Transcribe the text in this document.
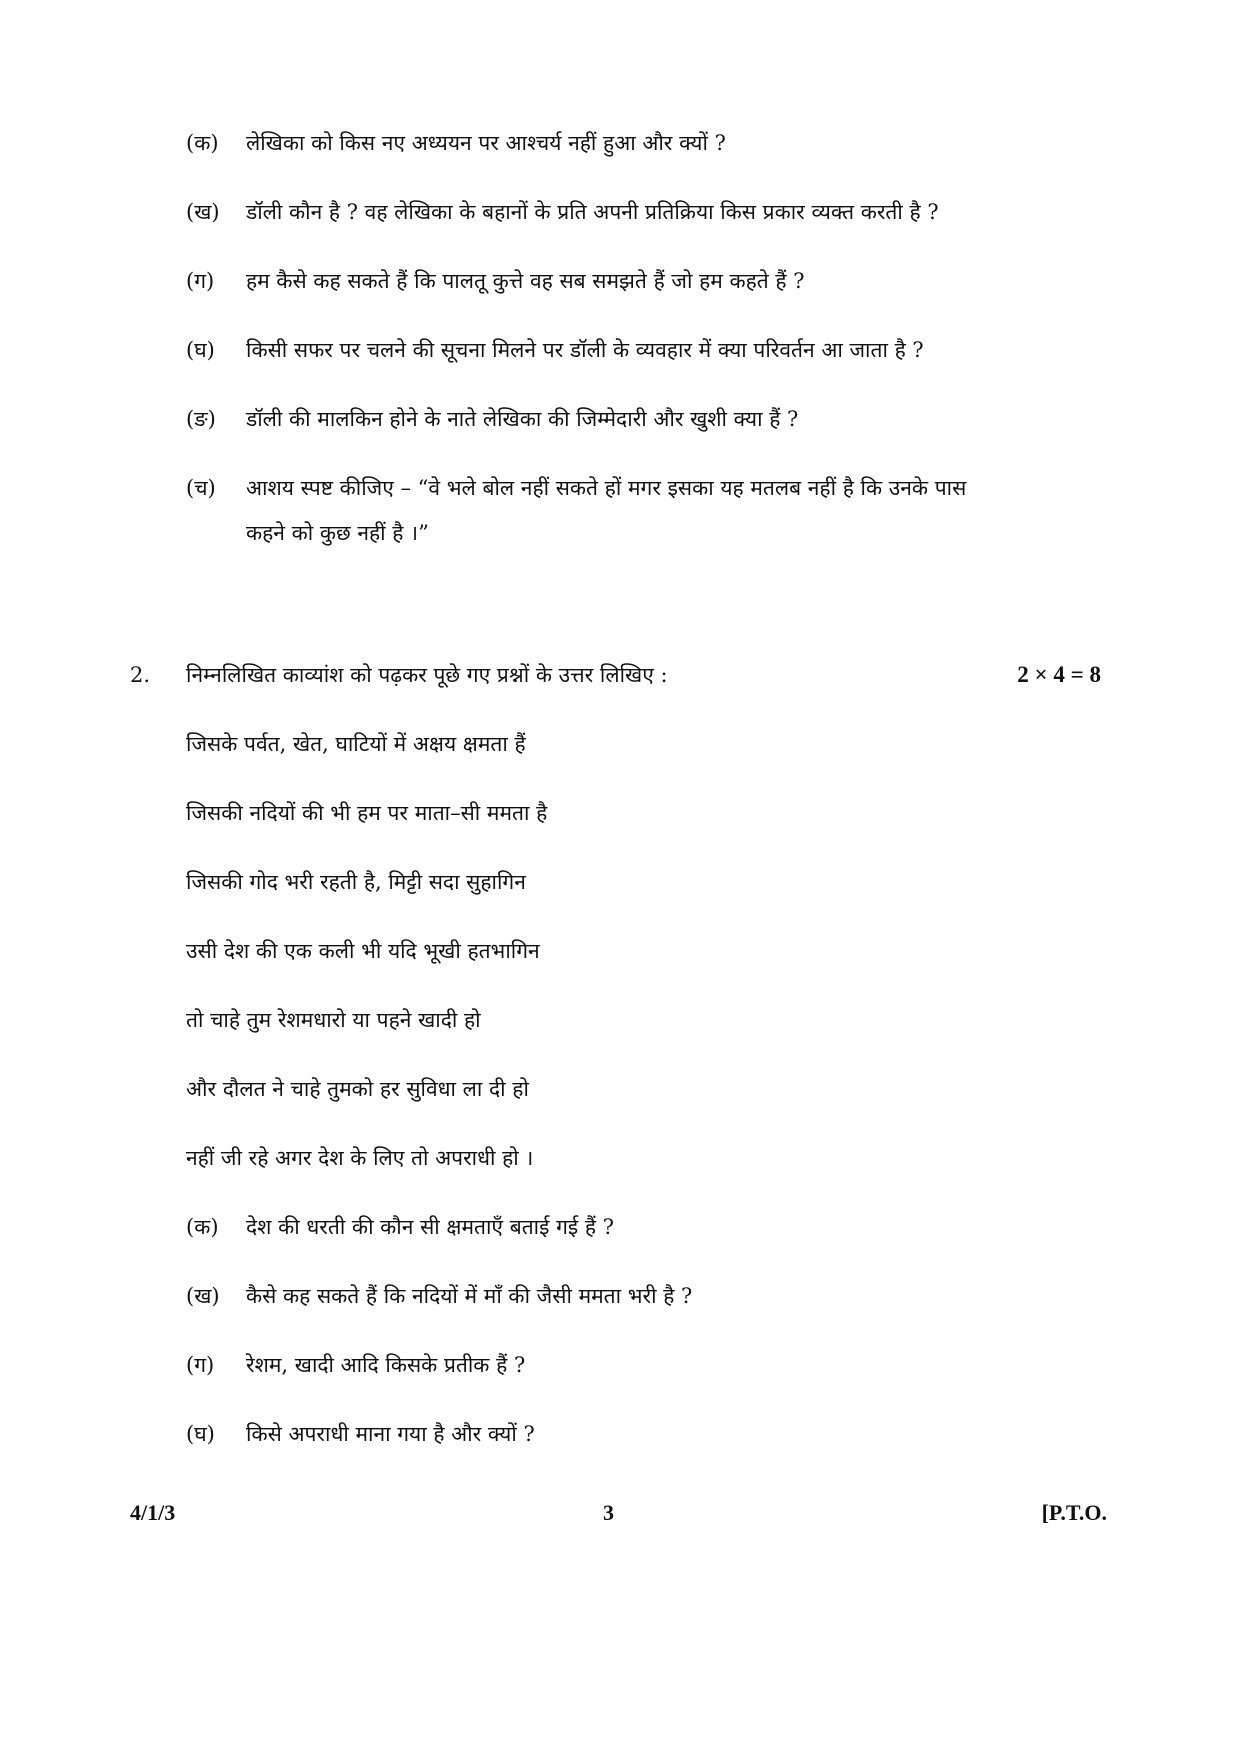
(क) लेखिका को किस नए अध्ययन पर आश्चर्य नहीं हुआ और क्यों ?
(ख) डॉली कौन है ? वह लेखिका के बहानों के प्रति अपनी प्रतिक्रिया किस प्रकार व्यक्त करती है ?
(ग) हम कैसे कह सकते हैं कि पालतू कुत्ते वह सब समझते हैं जो हम कहते हैं ?
(घ) किसी सफर पर चलने की सूचना मिलने पर डॉली के व्यवहार में क्या परिवर्तन आ जाता है ?
(ङ) डॉली की मालकिन होने के नाते लेखिका की जिम्मेदारी और खुशी क्या हैं ?
(च) आशय स्पष्ट कीजिए – “वे भले बोल नहीं सकते हों मगर इसका यह मतलब नहीं है कि उनके पास
कहने को कुछ नहीं है ।”
2. निम्नलिखित काव्यांश को पढ़कर पूछे गए प्रश्नों के उत्तर लिखिए :	2 × 4 = 8
जिसके पर्वत, खेत, घाटियों में अक्षय क्षमता हैं
जिसकी नदियों की भी हम पर माता–सी ममता है
जिसकी गोद भरी रहती है, मिट्टी सदा सुहागिन
उसी देश की एक कली भी यदि भूखी हतभागिन
तो चाहे तुम रेशमधारो या पहने खादी हो
और दौलत ने चाहे तुमको हर सुविधा ला दी हो
नहीं जी रहे अगर देश के लिए तो अपराधी हो ।
(क) देश की धरती की कौन सी क्षमताएँ बताई गई हैं ?
(ख) कैसे कह सकते हैं कि नदियों में माँ की जैसी ममता भरी है ?
(ग) रेशम, खादी आदि किसके प्रतीक हैं ?
(घ) किसे अपराधी माना गया है और क्यों ?
4/1/3	3	[P.T.O.
